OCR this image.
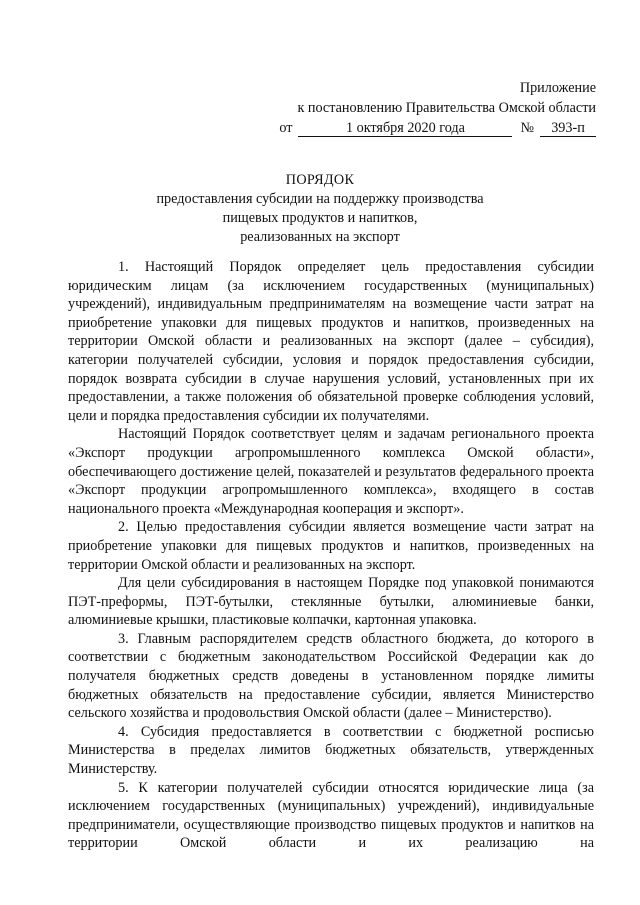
Приложение
к постановлению Правительства Омской области
от	1 октября 2020 года	№	393-п
ПОРЯДОК
предоставления субсидии на поддержку производства
пищевых продуктов и напитков,
реализованных на экспорт

1. Настоящий Порядок определяет цель предоставления субсидии юридическим лицам (за исключением государственных (муниципальных) учреждений), индивидуальным предпринимателям на возмещение части затрат на приобретение упаковки для пищевых продуктов и напитков, произведенных на территории Омской области и реализованных на экспорт (далее – субсидия), категории получателей субсидии, условия и порядок предоставления субсидии, порядок возврата субсидии в случае нарушения условий, установленных при их предоставлении, а также положения об обязательной проверке соблюдения условий, цели и порядка предоставления субсидии их получателями.

Настоящий Порядок соответствует целям и задачам регионального проекта «Экспорт продукции агропромышленного комплекса Омской области», обеспечивающего достижение целей, показателей и результатов федерального проекта «Экспорт продукции агропромышленного комплекса», входящего в состав национального проекта «Международная кооперация и экспорт».

2. Целью предоставления субсидии является возмещение части затрат на приобретение упаковки для пищевых продуктов и напитков, произведенных на территории Омской области и реализованных на экспорт.

Для цели субсидирования в настоящем Порядке под упаковкой понимаются ПЭТ-преформы, ПЭТ-бутылки, стеклянные бутылки, алюминиевые банки, алюминиевые крышки, пластиковые колпачки, картонная упаковка.

3. Главным распорядителем средств областного бюджета, до которого в соответствии с бюджетным законодательством Российской Федерации как до получателя бюджетных средств доведены в установленном порядке лимиты бюджетных обязательств на предоставление субсидии, является Министерство сельского хозяйства и продовольствия Омской области (далее – Министерство).

4. Субсидия предоставляется в соответствии с бюджетной росписью Министерства в пределах лимитов бюджетных обязательств, утвержденных Министерству.

5. К категории получателей субсидии относятся юридические лица (за исключением государственных (муниципальных) учреждений), индивидуальные предприниматели, осуществляющие производство пищевых продуктов и напитков на территории Омской области и их реализацию на
